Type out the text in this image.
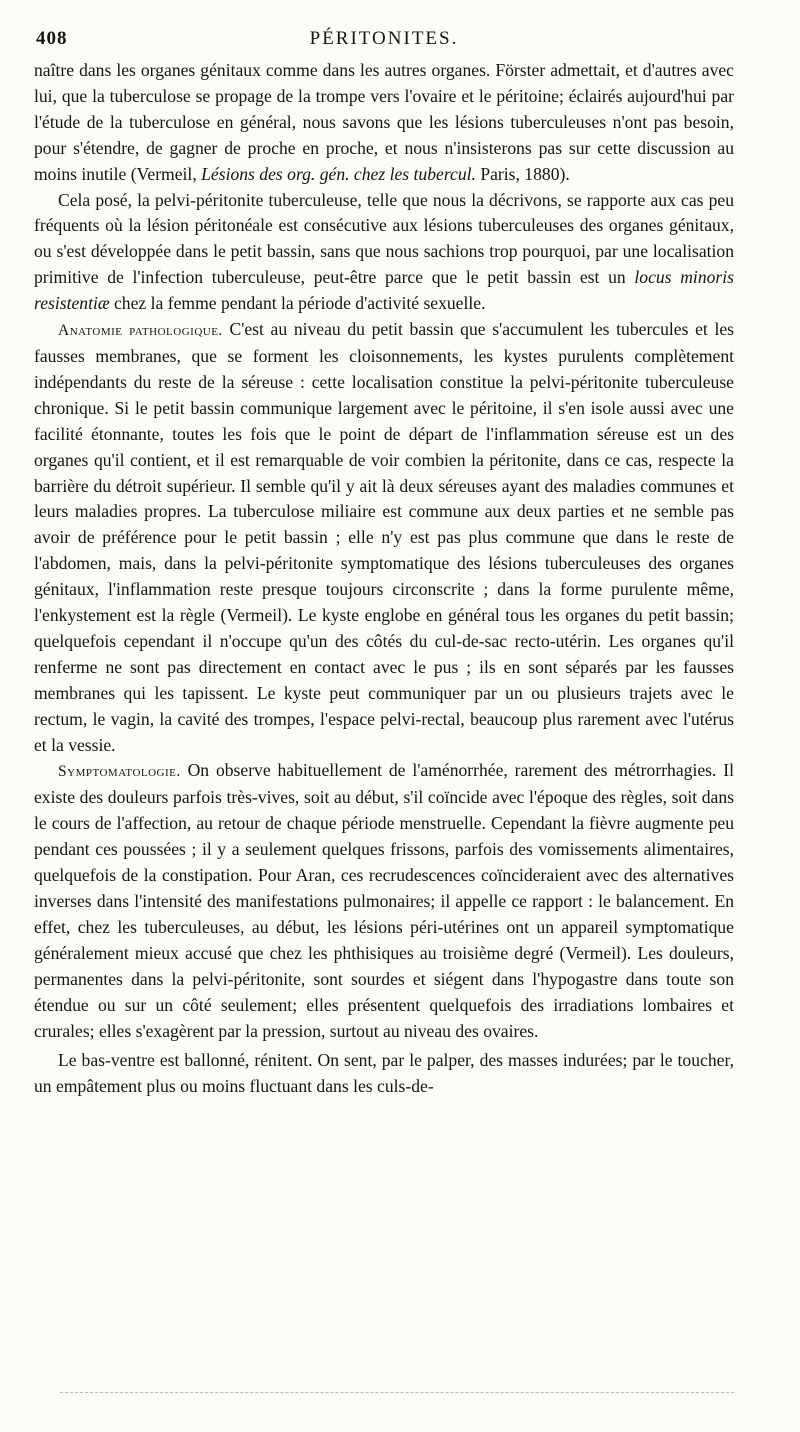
408	PÉRITONITES.

naître dans les organes génitaux comme dans les autres organes. Förster admettait, et d'autres avec lui, que la tuberculose se propage de la trompe vers l'ovaire et le péritoine; éclairés aujourd'hui par l'étude de la tuberculose en général, nous savons que les lésions tuberculeuses n'ont pas besoin, pour s'étendre, de gagner de proche en proche, et nous n'insisterons pas sur cette discussion au moins inutile (Vermeil, Lésions des org. gén. chez les tubercul. Paris, 1880).

Cela posé, la pelvi-péritonite tuberculeuse, telle que nous la décrivons, se rapporte aux cas peu fréquents où la lésion péritonéale est consécutive aux lésions tuberculeuses des organes génitaux, ou s'est développée dans le petit bassin, sans que nous sachions trop pourquoi, par une localisation primitive de l'infection tuberculeuse, peut-être parce que le petit bassin est un locus minoris resistentiæ chez la femme pendant la période d'activité sexuelle.

Anatomie pathologique. C'est au niveau du petit bassin que s'accumulent les tubercules et les fausses membranes, que se forment les cloisonnements, les kystes purulents complètement indépendants du reste de la séreuse : cette localisation constitue la pelvi-péritonite tuberculeuse chronique. Si le petit bassin communique largement avec le péritoine, il s'en isole aussi avec une facilité étonnante, toutes les fois que le point de départ de l'inflammation séreuse est un des organes qu'il contient, et il est remarquable de voir combien la péritonite, dans ce cas, respecte la barrière du détroit supérieur. Il semble qu'il y ait là deux séreuses ayant des maladies communes et leurs maladies propres. La tuberculose miliaire est commune aux deux parties et ne semble pas avoir de préférence pour le petit bassin ; elle n'y est pas plus commune que dans le reste de l'abdomen, mais, dans la pelvi-péritonite symptomatique des lésions tuberculeuses des organes génitaux, l'inflammation reste presque toujours circonscrite ; dans la forme purulente même, l'enkystement est la règle (Vermeil). Le kyste englobe en général tous les organes du petit bassin; quelquefois cependant il n'occupe qu'un des côtés du cul-de-sac recto-utérin. Les organes qu'il renferme ne sont pas directement en contact avec le pus ; ils en sont séparés par les fausses membranes qui les tapissent. Le kyste peut communiquer par un ou plusieurs trajets avec le rectum, le vagin, la cavité des trompes, l'espace pelvi-rectal, beaucoup plus rarement avec l'utérus et la vessie.

Symptomatologie. On observe habituellement de l'aménorrhée, rarement des métrorrhagies. Il existe des douleurs parfois très-vives, soit au début, s'il coïncide avec l'époque des règles, soit dans le cours de l'affection, au retour de chaque période menstruelle. Cependant la fièvre augmente peu pendant ces poussées ; il y a seulement quelques frissons, parfois des vomissements alimentaires, quelquefois de la constipation. Pour Aran, ces recrudescences coïncideraient avec des alternatives inverses dans l'intensité des manifestations pulmonaires; il appelle ce rapport : le balancement. En effet, chez les tuberculeuses, au début, les lésions péri-utérines ont un appareil symptomatique généralement mieux accusé que chez les phthisiques au troisième degré (Vermeil). Les douleurs, permanentes dans la pelvi-péritonite, sont sourdes et siégent dans l'hypogastre dans toute son étendue ou sur un côté seulement; elles présentent quelquefois des irradiations lombaires et crurales; elles s'exagèrent par la pression, surtout au niveau des ovaires.

Le bas-ventre est ballonné, rénitent. On sent, par le palper, des masses indurées; par le toucher, un empâtement plus ou moins fluctuant dans les culs-de-
